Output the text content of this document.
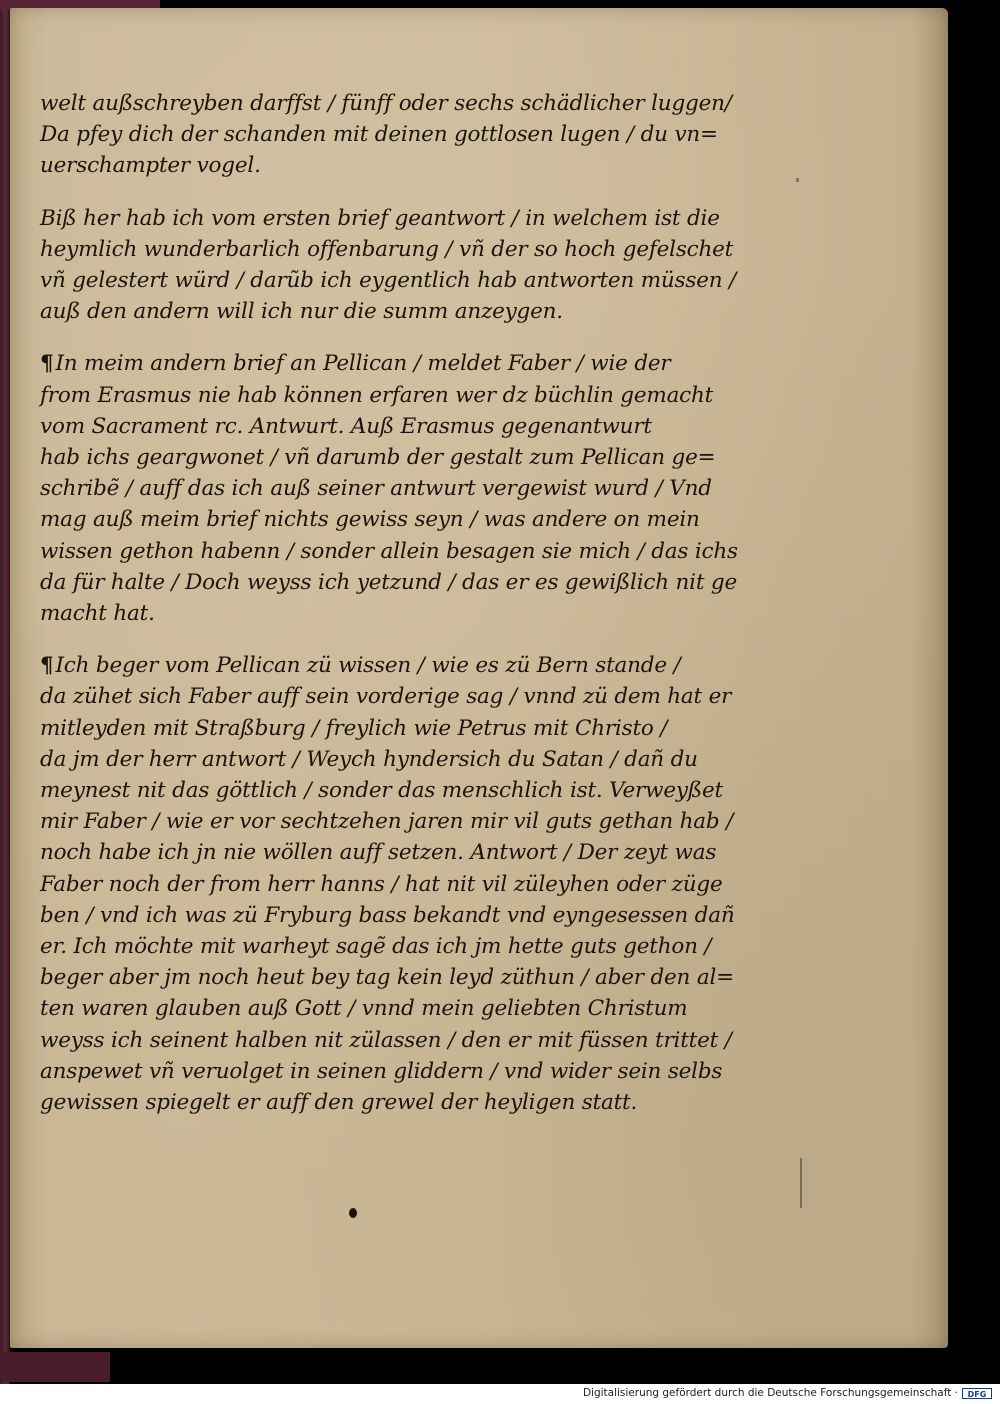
welt außschreyben darffst / fünff oder sechs schädlicher luggen/
Da pfey dich der schanden mit deinen gottlosen lugen / du vn=
uerschampter vogel.
Biß her hab ich vom ersten brief geantwort / in welchem ist die
heymlich wunderbarlich offenbarung / vñ der so hoch gefelschet
vñ gelestert würd / darũb ich eygentlich hab antworten müssen /
auß den andern will ich nur die summ anzeygen.
¶In meim andern brief an Pellican / meldet Faber / wie der
from Erasmus nie hab können erfaren wer dz büchlin gemacht
vom Sacrament rc. Antwurt. Auß Erasmus gegenantwurt
hab ichs geargwonet / vñ darumb der gestalt zum Pellican ge=
schribẽ / auff das ich auß seiner antwurt vergewist wurd / Vnd
mag auß meim brief nichts gewiss seyn / was andere on mein
wissen gethon habenn / sonder allein besagen sie mich / das ichs
da für halte / Doch weyss ich yetzund / das er es gewißlich nit ge
macht hat.
¶Ich beger vom Pellican zü wissen / wie es zü Bern stande /
da zühet sich Faber auff sein vorderige sag / vnnd zü dem hat er
mitleyden mit Straßburg / freylich wie Petrus mit Christo /
da jm der herr antwort / Weych hyndersich du Satan / dañ du
meynest nit das göttlich / sonder das menschlich ist. Verweyßet
mir Faber / wie er vor sechtzehen jaren mir vil guts gethan hab /
noch habe ich jn nie wöllen auff setzen. Antwort / Der zeyt was
Faber noch der from herr hanns / hat nit vil züleyhen oder züge
ben / vnd ich was zü Fryburg bass bekandt vnd eyngesessen dañ
er. Ich möchte mit warheyt sagẽ das ich jm hette guts gethon /
beger aber jm noch heut bey tag kein leyd züthun / aber den al=
ten waren glauben auß Gott / vnnd mein geliebten Christum
weyss ich seinent halben nit zülassen / den er mit füssen trittet /
anspewet vñ veruolget in seinen gliddern / vnd wider sein selbs
gewissen spiegelt er auff den grewel der heyligen statt.
Digitalisierung gefördert durch die Deutsche Forschungsgemeinschaft ·	DFG
